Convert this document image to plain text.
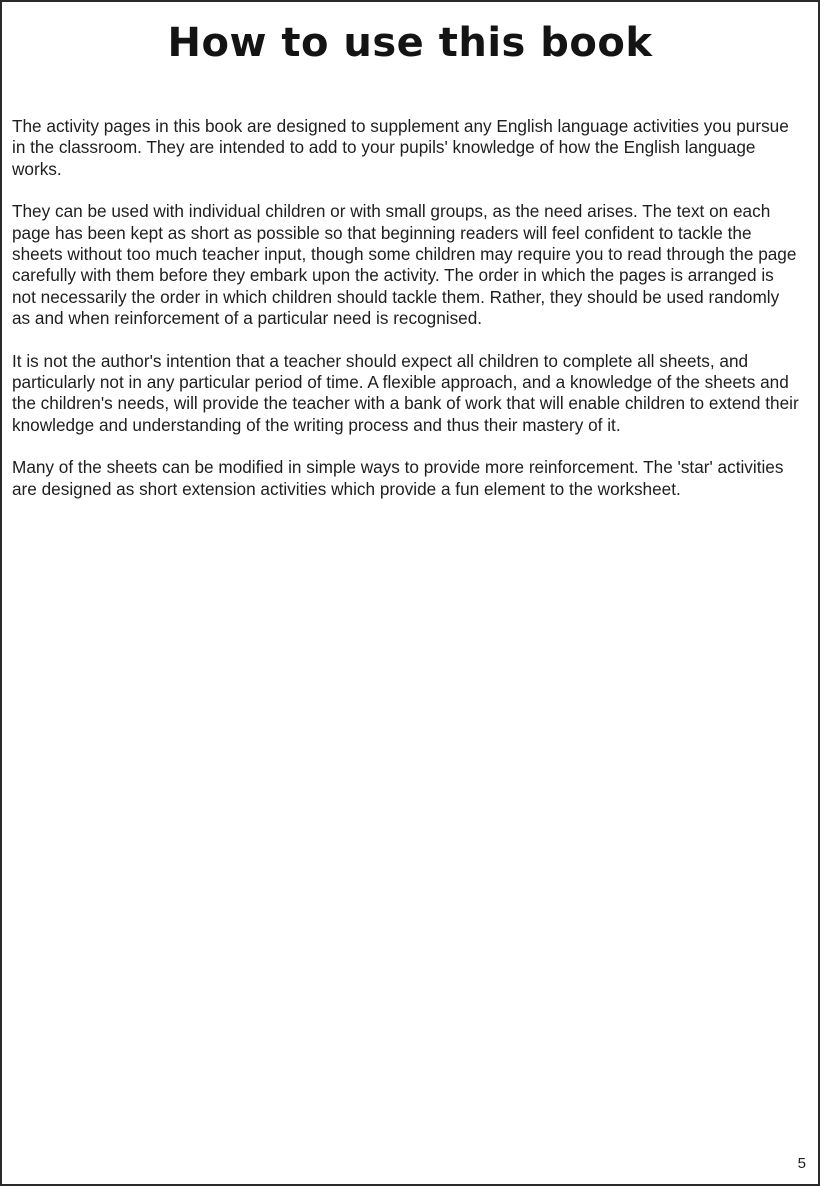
How to use this book

The activity pages in this book are designed to supplement any English language activities you pursue in the classroom. They are intended to add to your pupils' knowledge of how the English language works.

They can be used with individual children or with small groups, as the need arises. The text on each page has been kept as short as possible so that beginning readers will feel confident to tackle the sheets without too much teacher input, though some children may require you to read through the page carefully with them before they embark upon the activity. The order in which the pages is arranged is not necessarily the order in which children should tackle them. Rather, they should be used randomly as and when reinforcement of a particular need is recognised.

It is not the author's intention that a teacher should expect all children to complete all sheets, and particularly not in any particular period of time. A flexible approach, and a knowledge of the sheets and the children's needs, will provide the teacher with a bank of work that will enable children to extend their knowledge and understanding of the writing process and thus their mastery of it.

Many of the sheets can be modified in simple ways to provide more reinforcement. The 'star' activities are designed as short extension activities which provide a fun element to the worksheet.

5
